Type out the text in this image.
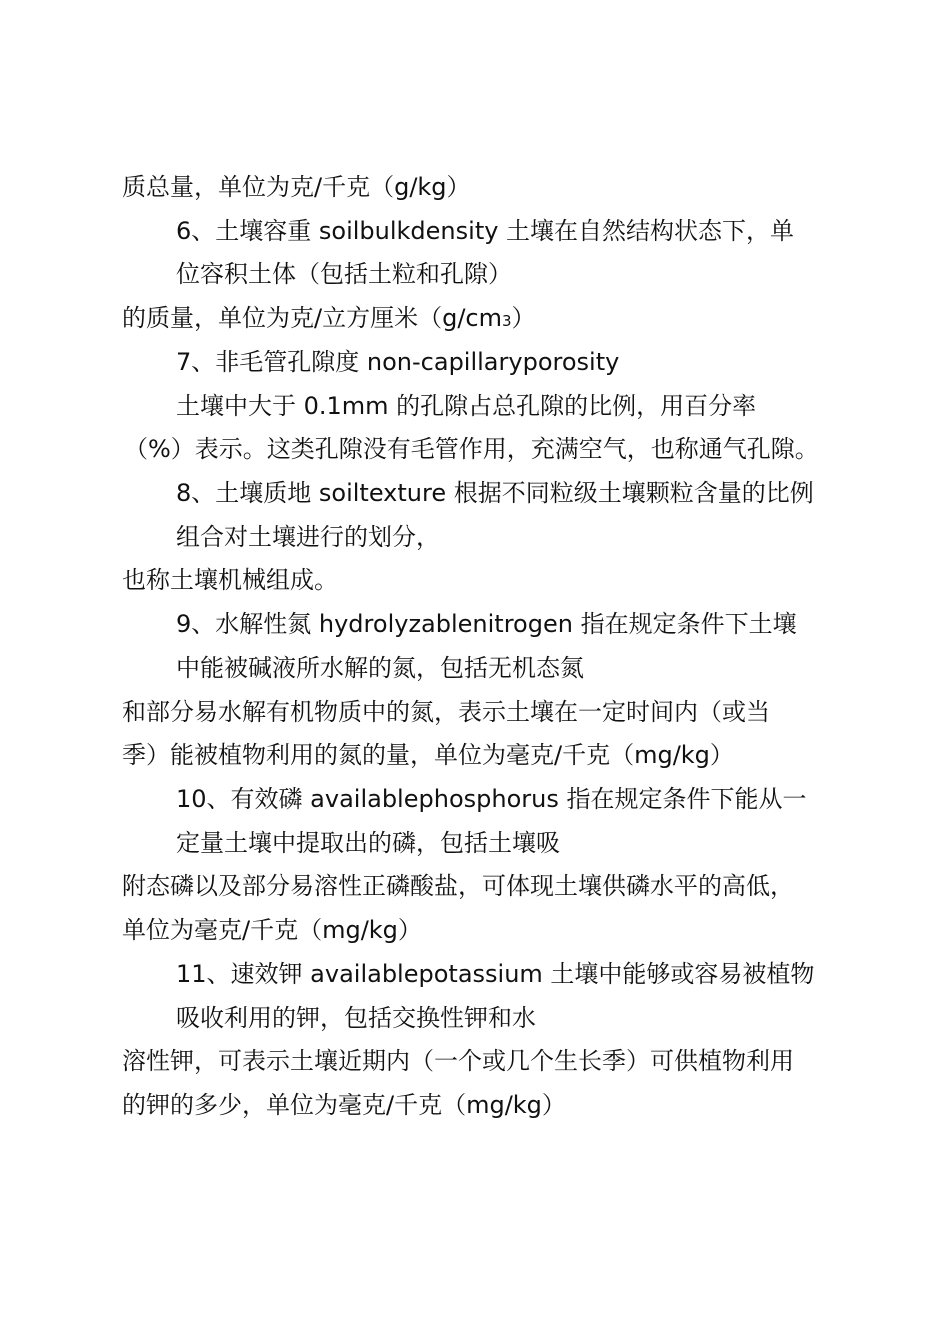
质总量，单位为克/千克（g/kg）
6、土壤容重 soilbulkdensity 土壤在自然结构状态下，单
位容积土体（包括土粒和孔隙）
的质量，单位为克/立方厘米（g/cm3）
7、非毛管孔隙度 non-capillaryporosity
土壤中大于 0.1mm 的孔隙占总孔隙的比例，用百分率
（%）表示。这类孔隙没有毛管作用，充满空气，也称通气孔隙。
8、土壤质地 soiltexture 根据不同粒级土壤颗粒含量的比例
组合对土壤进行的划分，
也称土壤机械组成。
9、水解性氮 hydrolyzablenitrogen 指在规定条件下土壤
中能被碱液所水解的氮，包括无机态氮
和部分易水解有机物质中的氮，表示土壤在一定时间内（或当
季）能被植物利用的氮的量，单位为毫克/千克（mg/kg）
10、有效磷 availablephosphorus 指在规定条件下能从一
定量土壤中提取出的磷，包括土壤吸
附态磷以及部分易溶性正磷酸盐，可体现土壤供磷水平的高低，
单位为毫克/千克（mg/kg）
11、速效钾 availablepotassium 土壤中能够或容易被植物
吸收利用的钾，包括交换性钾和水
溶性钾，可表示土壤近期内（一个或几个生长季）可供植物利用
的钾的多少，单位为毫克/千克（mg/kg）
